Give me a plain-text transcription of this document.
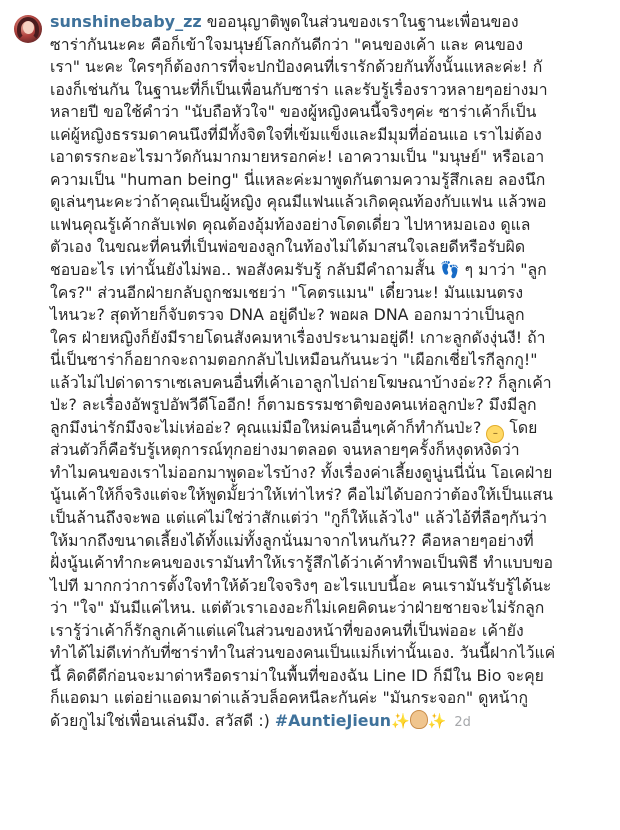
sunshinebaby_zz ขออนุญาติพูดในส่วนของเราในฐานะเพื่อนของ
ซาร่ากันนะคะ คือก็เข้าใจมนุษย์โลกกันดีกว่า "คนของเค้า และ คนของ
เรา" นะคะ ใครๆก็ต้องการที่จะปกป้องคนที่เรารักด้วยกันทั้งนั้นแหละค่ะ! กั
เองก็เช่นกัน ในฐานะที่ก็เป็นเพื่อนกับซาร่า และรับรู้เรื่องราวหลายๆอย่างมา
หลายปี ขอใช้คำว่า "นับถือหัวใจ" ของผู้หญิงคนนี้จริงๆค่ะ ซาร่าเค้าก็เป็น
แค่ผู้หญิงธรรมดาคนนึงที่มีทั้งจิตใจที่เข้มแข็งและมีมุมที่อ่อนแอ เราไม่ต้อง
เอาตรรกะอะไรมาวัดกันมากมายหรอกค่ะ! เอาความเป็น "มนุษย์" หรือเอา
ความเป็น "human being" นี่แหละค่ะมาพูดกันตามความรู้สึกเลย ลองนึก
ดูเล่นๆนะคะว่าถ้าคุณเป็นผู้หญิง คุณมีแฟนแล้วเกิดคุณท้องกับแฟน แล้วพอ
แฟนคุณรู้เค้ากลับเฟด คุณต้องอุ้มท้องอย่างโดดเดี่ยว ไปหาหมอเอง ดูแล
ตัวเอง ในขณะที่คนที่เป็นพ่อของลูกในท้องไม่ได้มาสนใจเลยดีหรือรับผิด
ชอบอะไร เท่านั้นยังไม่พอ.. พอสังคมรับรู้ กลับมีคำถามสั้น 👣 ๆ มาว่า "ลูก
ใคร?" ส่วนอีกฝ่ายกลับถูกชมเชยว่า "โคตรแมน" เดี๋ยวนะ! มันแมนตรง
ไหนวะ? สุดท้ายก็จับตรวจ DNA อยู่ดีป่ะ? พอผล DNA ออกมาว่าเป็นลูก
ใคร ฝ่ายหญิงก็ยังมีรายโดนสังคมหาเรื่องประนามอยู่ดี! เกาะลูกดังงุ่นงี! ถ้า
นี่เป็นซาร่าก็อยากจะถามตอกกลับไปเหมือนกันนะว่า "เผือกเชี่ยไรกีลูกกู!"
แล้วไม่ไปด่าดาราเซเลบคนอื่นที่เค้าเอาลูกไปถ่ายโฆษณาบ้างอ่ะ?? ก็ลูกเค้า
ป่ะ? ละเรื่องอัพรูปอัพวีดีโออีก! ก็ตามธรรมชาติของคนเห่อลูกป่ะ? มึงมีลูก
ลูกมึงน่ารักมึงจะไม่เห่ออ่ะ? คุณแม่มือใหม่คนอื่นๆเค้าก็ทำกันป่ะ? – โดย
ส่วนตัวก็คือรับรู้เหตุการณ์ทุกอย่างมาตลอด จนหลายๆครั้งก็หงุดหงิดว่า
ทำไมคนของเราไม่ออกมาพูดอะไรบ้าง? ทั้งเรื่องค่าเลี้ยงดูนู่นนี่นั่น โอเคฝ่าย
นู้นเค้าให้ก็จริงแต่จะให้พูดมั้ยว่าให้เท่าไหร่? คือไม่ได้บอกว่าต้องให้เป็นแสน
เป็นล้านถึงจะพอ แต่แค่ไม่ใช่ว่าสักแต่ว่า "กูก็ให้แล้วไง" แล้วไอ้ที่ลือๆกันว่า
ให้มากถึงขนาดเลี้ยงได้ทั้งแม่ทั้งลูกนั่นมาจากไหนกัน?? คือหลายๆอย่างที่
ฝั่งนู้นเค้าทำกะคนของเรามันทำให้เรารู้สึกได้ว่าเค้าทำพอเป็นพิธี ทำแบบขอ
ไปที มากกว่าการตั้งใจทำให้ด้วยใจจริงๆ อะไรแบบนี้อะ คนเรามันรับรู้ได้นะ
ว่า "ใจ" มันมีแค่ไหน. แต่ตัวเราเองอะก็ไม่เคยคิดนะว่าฝ่ายชายจะไม่รักลูก
เรารู้ว่าเค้าก็รักลูกเค้าแต่แค่ในส่วนของหน้าที่ของคนที่เป็นพ่ออะ เค้ายัง
ทำได้ไม่ดีเท่ากับที่ซาร่าทำในส่วนของคนเป็นแม่ก็เท่านั้นเอง. วันนี้ฝากไว้แค่
นี้ คิดดีดีก่อนจะมาด่าหรือดราม่าในพื้นที่ของฉัน Line ID ก็มีใน Bio จะคุย
ก็แอดมา แต่อย่าแอดมาด่าแล้วบล็อคหนีละกันค่ะ "มันกระจอก" ดูหน้ากู
ด้วยกูไม่ใช่เพื่อนเล่นมึง. สวัสดี :) #AuntieJieun✨ ✨ 2d
